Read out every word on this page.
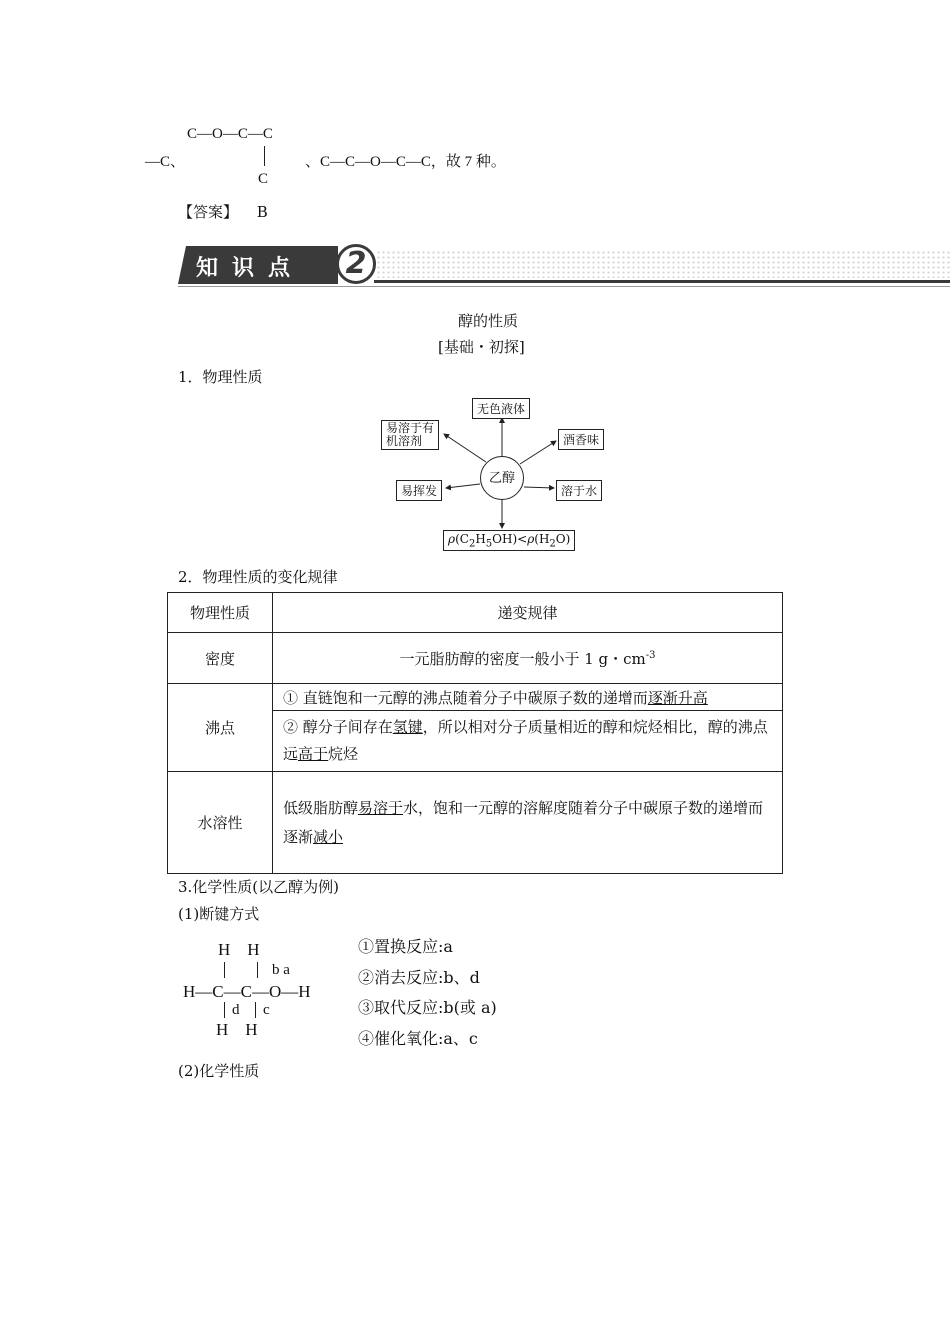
C—O—C—C
—C、
C
、C—C—O—C—C，故 7 种。
【答案】 B
知识点	2
醇的性质
[基础・初探]
1．物理性质
乙醇
无色液体
易溶于有
机溶剂	酒香味
易挥发	溶于水
$\rho(C_2H_5OH)<\rho(H_2O)$
2．物理性质的变化规律
物理性质	递变规律
密度	一元脂肪醇的密度一般小于 1 g・$cm^{-3}$
沸点	① 直链饱和一元醇的沸点随着分子中碳原子数的递增而逐渐升高
	② 醇分子间存在氢键，所以相对分子质量相近的醇和烷烃相比，醇的沸点远高于烷烃
水溶性	低级脂肪醇易溶于水，饱和一元醇的溶解度随着分子中碳原子数的递增而逐渐减小
3.化学性质(以乙醇为例)
(1)断键方式
H    H
b a
H—C—C—O—H
d c
H    H
①置换反应:a
②消去反应:b、d
③取代反应:b(或 a)
④催化氧化:a、c
(2)化学性质
